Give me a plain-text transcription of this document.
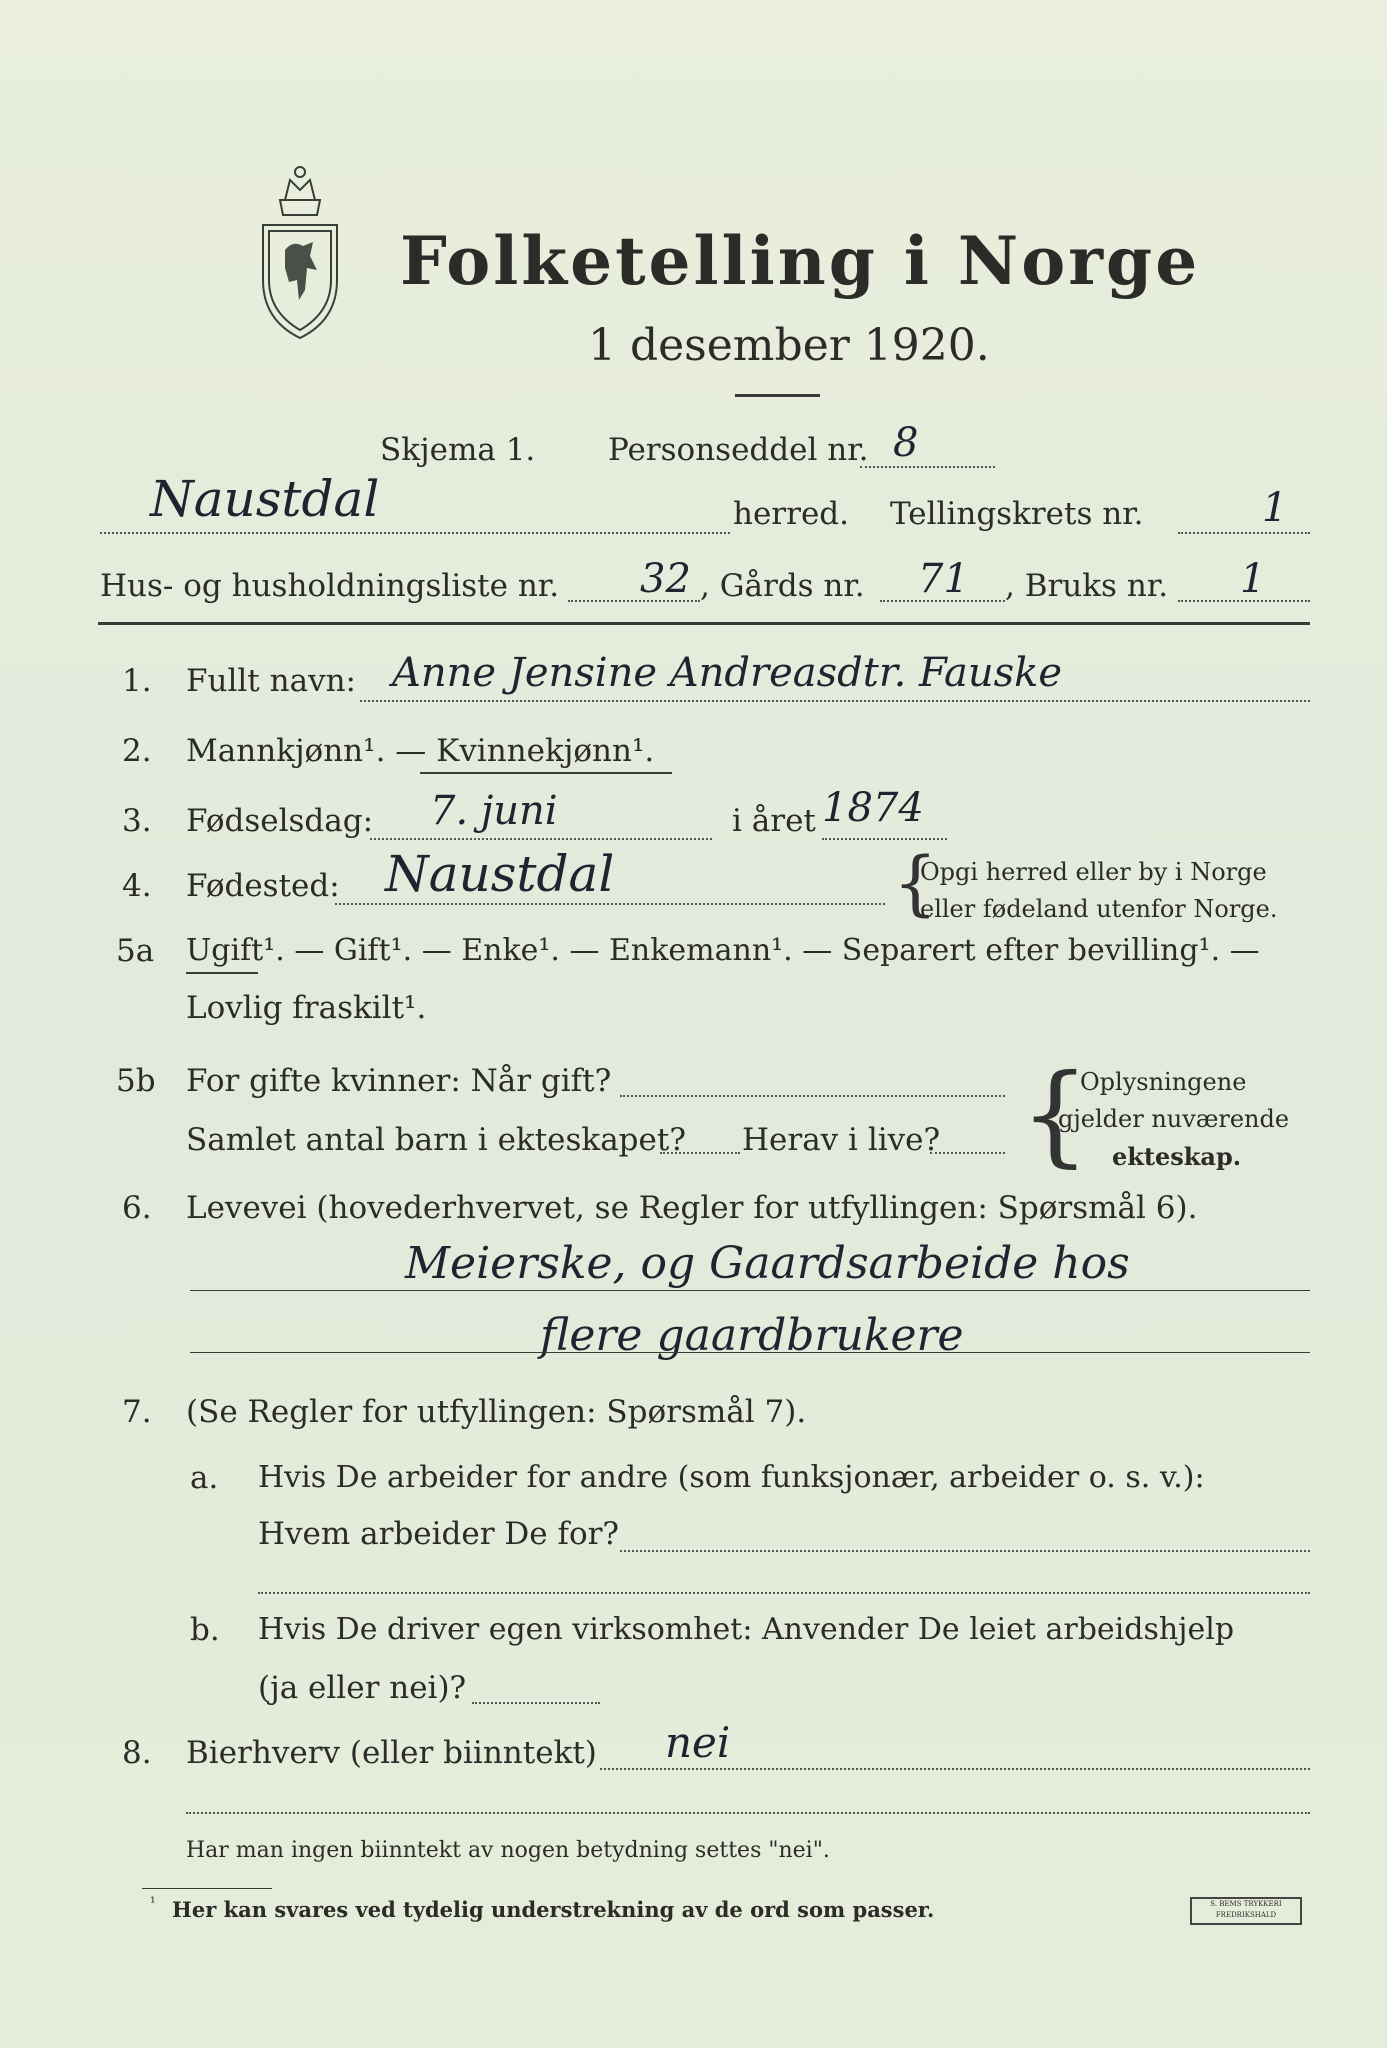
Folketelling i Norge
1 desember 1920.
Skjema 1. Personseddel nr. 8
Naustdal	herred. Tellingskrets nr.	1
Hus- og husholdningsliste nr. 32 , Gårds nr. 71 , Bruks nr. 1
1. Fullt navn: Anne Jensine Andreasdtr. Fauske
2. Mannkjønn¹. — Kvinnekjønn¹.
3. Fødselsdag: 7. juni	i året 1874
4. Fødested: Naustdal	{
Opgi herred eller by i Norge
eller fødeland utenfor Norge.
5a Ugift¹. — Gift¹. — Enke¹. — Enkemann¹. — Separert efter bevilling¹. —
Lovlig fraskilt¹.
5b For gifte kvinner: Når gift?
Samlet antal barn i ekteskapet? Herav i live? {
Oplysningene
gjelder nuværende
ekteskap.
6. Levevei (hovederhvervet, se Regler for utfyllingen: Spørsmål 6).
Meierske, og Gaardsarbeide hos
flere gaardbrukere
7. (Se Regler for utfyllingen: Spørsmål 7).
a. Hvis De arbeider for andre (som funksjonær, arbeider o. s. v.):
Hvem arbeider De for?
b. Hvis De driver egen virksomhet: Anvender De leiet arbeidshjelp
(ja eller nei)?
8. Bierhverv (eller biinntekt) nei
Har man ingen biinntekt av nogen betydning settes "nei".
¹ Her kan svares ved tydelig understrekning av de ord som passer.	S. BEMS TRYKKERI FREDRIKSHALD
